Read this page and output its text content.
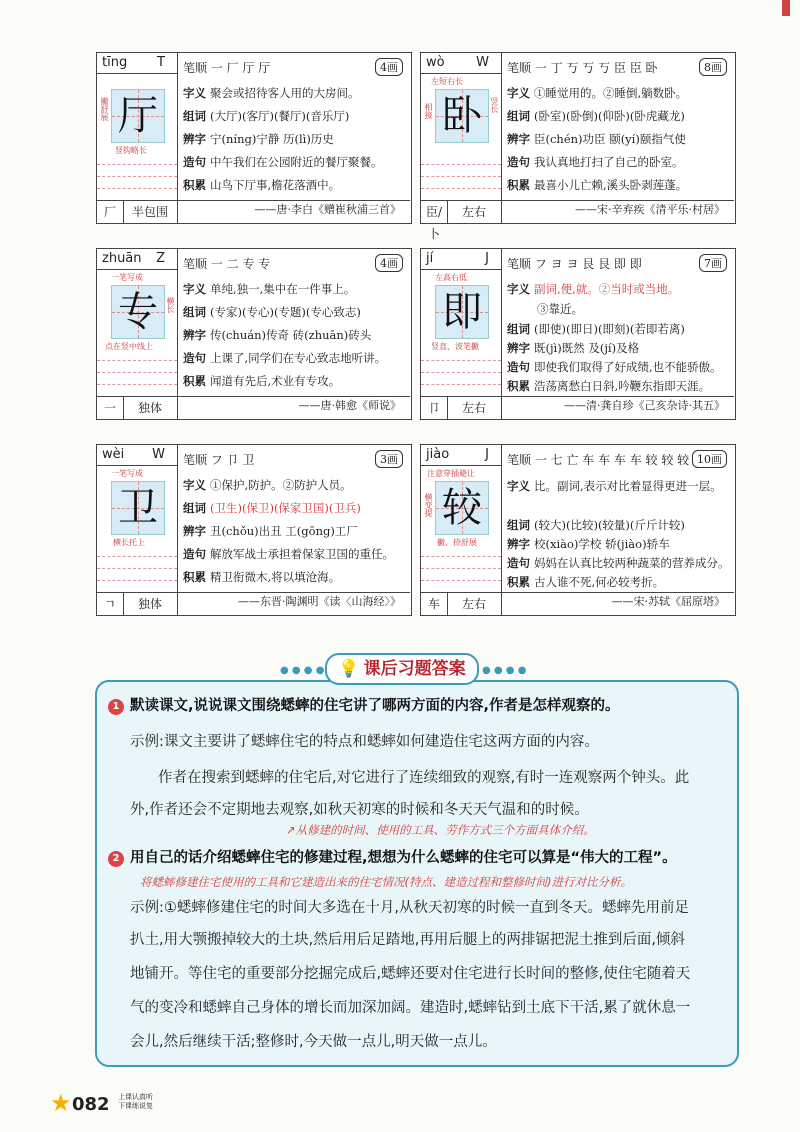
tīng T
厅
撇舒展
竖钩略长
笔顺 一 厂 厅 厅	4画
字义 聚会或招待客人用的大房间。
组词 (大厅)(客厅)(餐厅)(音乐厅)
辨字 宁(níng)宁静 历(lì)历史
造句 中午我们在公园附近的餐厅聚餐。
积累 山鸟下厅事,檐花落酒中。
——唐·李白《赠崔秋浦三首》
厂	半包围
wò W
左短右长
卧
相接	竖长
笔顺 一 丁 丂 丂 丂 臣 臣 卧	8画
字义 ①睡觉用的。②睡倒,躺数卧。
组词 (卧室)(卧倒)(仰卧)(卧虎藏龙)
辨字 臣(chén)功臣 颐(yí)颐指气使
造句 我认真地打扫了自己的卧室。
积累 最喜小儿亡赖,溪头卧剥莲蓬。
——宋·辛弃疾《清平乐·村居》
臣/卜
左右
zhuān Z
一笔写成
专	横长
点在竖中线上
笔顺 一 二 专 专	4画
字义 单纯,独一,集中在一件事上。
组词 (专家)(专心)(专题)(专心致志)
辨字 传(chuán)传奇 砖(zhuān)砖头
造句 上课了,同学们在专心致志地听讲。
积累 闻道有先后,术业有专攻。
——唐·韩愈《师说》
一	独体
jí	J
左高右低
即
竖直、波笔撇
笔顺 フ ヨ ヨ 艮 艮 即 即	7画
字义 副词,便,就。②当时或当地。
③靠近。
组词 (即使)(即日)(即刻)(若即若离)
辨字 既(jì)既然 及(jí)及格
造句 即使我们取得了好成绩,也不能骄傲。
积累 浩荡离愁白日斜,吟鞭东指即天涯。
——清·龚自珍《己亥杂诗·其五》
卩	左右
wèi W
一笔写成
卫
横长托上
笔顺 フ 卩 卫	3画
字义 ①保护,防护。②防护人员。
组词 (卫生)(保卫)(保家卫国)(卫兵)
辨字 丑(chǒu)出丑 工(gōng)工厂
造句 解放军战士承担着保家卫国的重任。
积累 精卫衔微木,将以填沧海。
——东晋·陶渊明《读〈山海经〉》
ㄱ	独体
jiào	J
注意穿插避让
较
横变提
撇、捺舒展
笔顺 一 七 亡 车 车 车 车 较 较 较 10画
字义 比。副词,表示对比着显得更进一层。
组词 (较大)(比较)(较量)(斤斤计较)
辨字 校(xiào)学校 轿(jiào)轿车
造句 妈妈在认真比较两种蔬菜的营养成分。
积累 古人谁不死,何必较考折。
——宋·苏轼《屈原塔》
车	左右
● ● ● ●	● ● ● ●
💡 课后习题答案
1 默读课文,说说课文围绕蟋蟀的住宅讲了哪两方面的内容,作者是怎样观察的。
示例:课文主要讲了蟋蟀住宅的特点和蟋蟀如何建造住宅这两方面的内容。
作者在搜索到蟋蟀的住宅后,对它进行了连续细致的观察,有时一连观察两个钟头。此
外,作者还会不定期地去观察,如秋天初寒的时候和冬天天气温和的时候。
↗从修建的时间、使用的工具、劳作方式三个方面具体介绍。
2 用自己的话介绍蟋蟀住宅的修建过程,想想为什么蟋蟀的住宅可以算是“伟大的工程”。
将蟋蟀修建住宅使用的工具和它建造出来的住宅情况(特点、建造过程和整修时间)进行对比分析。
示例:①蟋蟀修建住宅的时间大多选在十月,从秋天初寒的时候一直到冬天。蟋蟀先用前足
扒土,用大颚搬掉较大的土块,然后用后足踏地,再用后腿上的两排锯把泥土推到后面,倾斜
地铺开。等住宅的重要部分挖掘完成后,蟋蟀还要对住宅进行长时间的整修,使住宅随着天
气的变冷和蟋蟀自己身体的增长而加深加阔。建造时,蟋蟀钻到土底下干活,累了就休息一
会儿,然后继续干活;整修时,今天做一点儿,明天做一点儿。
★ 082 上课认真听
下课练说复
